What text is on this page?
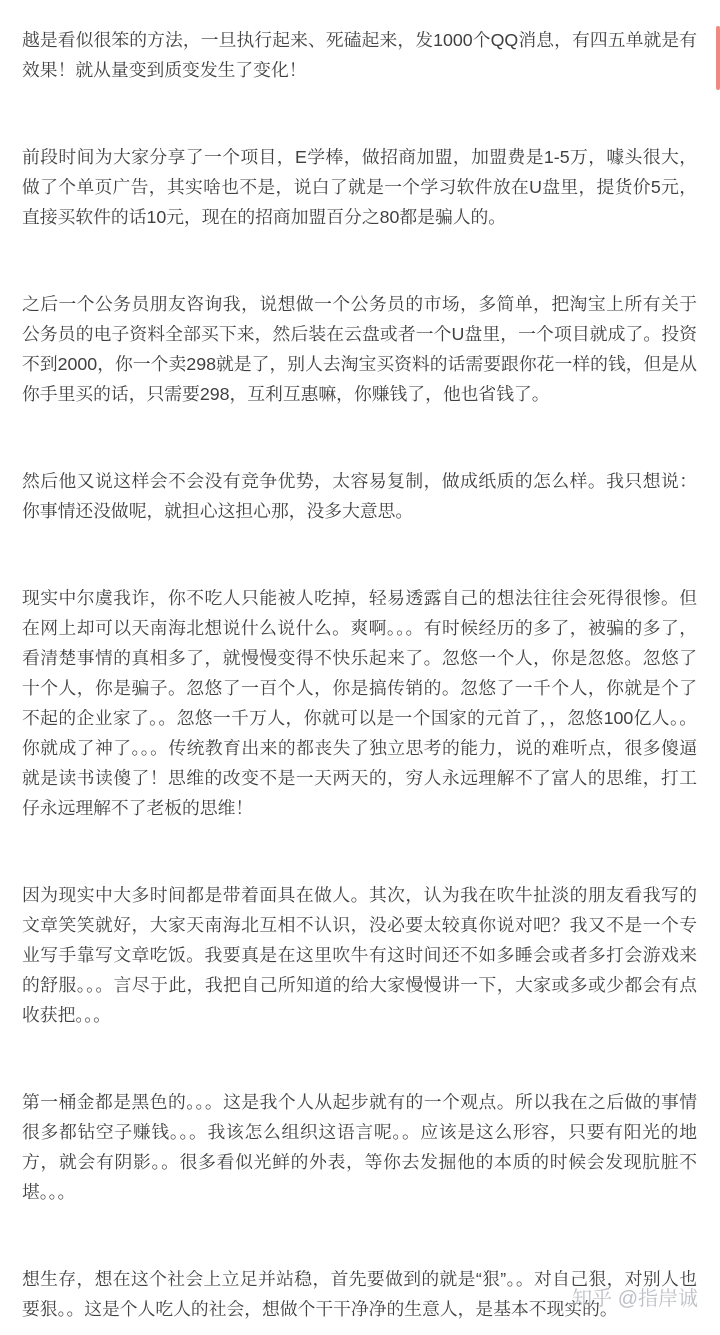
越是看似很笨的方法，一旦执行起来、死磕起来，发1000个QQ消息，有四五单就是有效果！就从量变到质变发生了变化！

前段时间为大家分享了一个项目，E学棒，做招商加盟，加盟费是1-5万，噱头很大，做了个单页广告，其实啥也不是，说白了就是一个学习软件放在U盘里，提货价5元，直接买软件的话10元，现在的招商加盟百分之80都是骗人的。

之后一个公务员朋友咨询我，说想做一个公务员的市场，多简单，把淘宝上所有关于公务员的电子资料全部买下来，然后装在云盘或者一个U盘里，一个项目就成了。投资不到2000，你一个卖298就是了，别人去淘宝买资料的话需要跟你花一样的钱，但是从你手里买的话，只需要298，互利互惠嘛，你赚钱了，他也省钱了。

然后他又说这样会不会没有竞争优势，太容易复制，做成纸质的怎么样。我只想说：你事情还没做呢，就担心这担心那，没多大意思。

现实中尔虞我诈，你不吃人只能被人吃掉，轻易透露自己的想法往往会死得很惨。但在网上却可以天南海北想说什么说什么。爽啊。。。有时候经历的多了，被骗的多了，看清楚事情的真相多了，就慢慢变得不快乐起来了。忽悠一个人，你是忽悠。忽悠了十个人，你是骗子。忽悠了一百个人，你是搞传销的。忽悠了一千个人，你就是个了不起的企业家了。。忽悠一千万人，你就可以是一个国家的元首了，，忽悠100亿人。。你就成了神了。。。传统教育出来的都丧失了独立思考的能力，说的难听点，很多傻逼就是读书读傻了！思维的改变不是一天两天的，穷人永远理解不了富人的思维，打工仔永远理解不了老板的思维！

因为现实中大多时间都是带着面具在做人。其次，认为我在吹牛扯淡的朋友看我写的文章笑笑就好，大家天南海北互相不认识，没必要太较真你说对吧？我又不是一个专业写手靠写文章吃饭。我要真是在这里吹牛有这时间还不如多睡会或者多打会游戏来的舒服。。。言尽于此，我把自己所知道的给大家慢慢讲一下，大家或多或少都会有点收获把。。。

第一桶金都是黑色的。。。这是我个人从起步就有的一个观点。所以我在之后做的事情很多都钻空子赚钱。。。我该怎么组织这语言呢。。应该是这么形容，只要有阳光的地方，就会有阴影。。很多看似光鲜的外表，等你去发掘他的本质的时候会发现肮脏不堪。。。

想生存，想在这个社会上立足并站稳，首先要做到的就是“狠”。。对自己狠，对别人也要狠。。这是个人吃人的社会，想做个干干净净的生意人，是基本不现实的。

知乎 @指岸诚
